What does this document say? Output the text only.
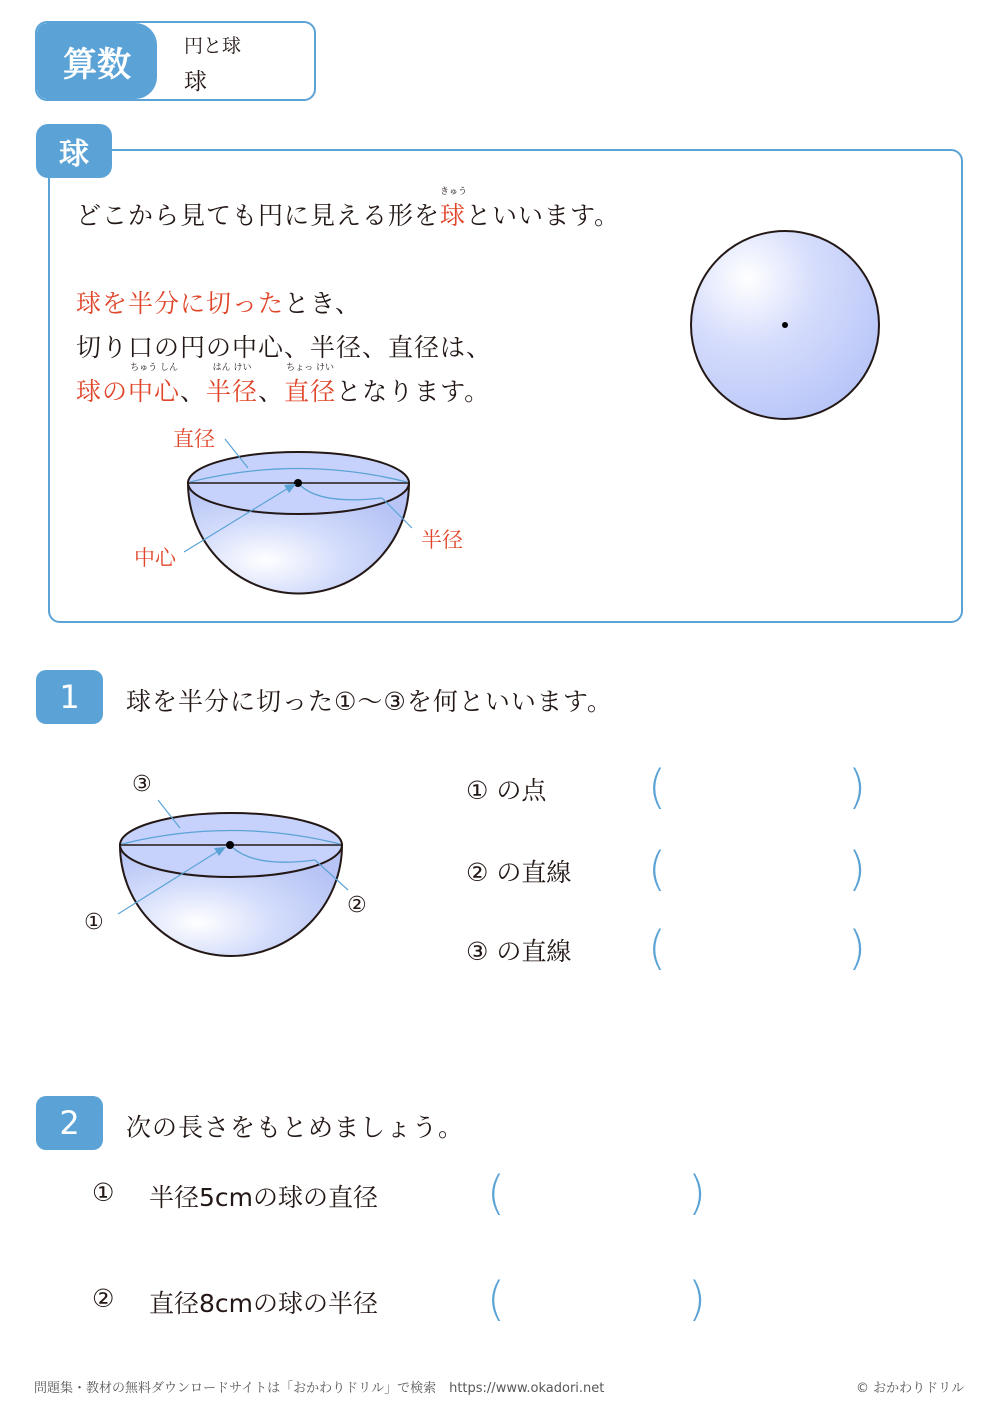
算数	円と球
球
球
どこから見ても円に見える形を
きゅう
球といいます。
球を半分に切ったとき、
切り口の円の中心、半径、直径は、
球の
ちゅう しん
中心、
はん けい
半径、
ちょっ けい
直径となります。
直径
半径
中心
1	球を半分に切った①～③を何といいます。
③
②
①
① の点 (	)
② の直線 (	)
③ の直線 (	)
2	次の長さをもとめましょう。
① 半径5cmの球の直径 (	)
② 直径8cmの球の半径 (	)
問題集・教材の無料ダウンロードサイトは「おかわりドリル」で検索　https://www.okadori.net	© おかわりドリル
